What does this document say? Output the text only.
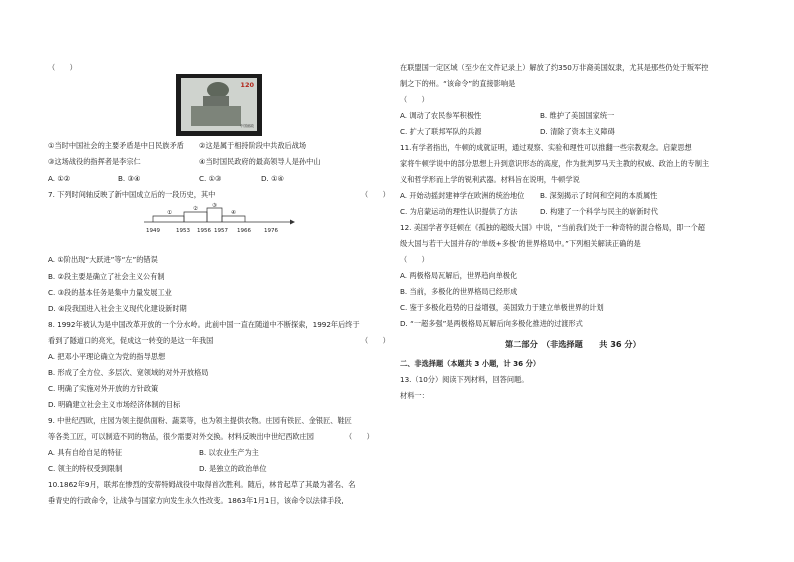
（　　）
120
中国邮政
①当时中国社会的主要矛盾是中日民族矛盾 ②这是属于相持阶段中共敌后战场
③这场战役的指挥者是李宗仁	④当时国民政府的最高领导人是孙中山
A. ①②	B. ③④	C. ①③	D. ①④
7. 下列时间轴反映了新中国成立后的一段历史，其中	（　　）
①
②	③
④
1949	1953 1956 1957 1966 1976
A. ①阶出现“大跃进”等“左”的错误
B. ②段主要是确立了社会主义公有制
C. ③段的基本任务是集中力量发展工业
D. ④段我国进入社会主义现代化建设新时期
8. 1992年被认为是中国改革开放的一个分水岭。此前中国一直在随道中不断探索，1992年后终于
看到了隧道口的亮光，促成这一转变的是这一年我国	（　　）
A. 把邓小平理论确立为党的指导思想
B. 形成了全方位、多层次、宽领域的对外开放格局
C. 明确了实施对外开放的方针政策
D. 明确建立社会主义市场经济体制的目标
9. 中世纪西欧，庄园为领主提供面粉、蔬菜等，也为领主提供衣物。庄园有铁匠、金银匠、鞋匠
等各类工匠，可以制造不同的物品，很少需要对外交换。材料反映出中世纪西欧庄园	（　　）
A. 具有自给自足的特征	B. 以农业生产为主
C. 领主的特权受到限制	D. 是独立的政治单位
10.1862年9月，联邦在惨烈的安蒂特姆战役中取得首次胜利。随后，林肯起草了其最为著名、名
垂青史的行政命令，让战争与国家方向发生永久性改变。1863年1月1日，该命令以法律手段,
在联盟国一定区域（至少在文件记录上）解放了约350万非裔美国奴隶，尤其是那些仍处于叛军控
制之下的州。“该命令”的直接影响是
（　　）
A. 调动了农民参军积极性	B. 维护了美国国家统一
C. 扩大了联邦军队的兵源	D. 清除了资本主义障碍
11.有学者指出，牛顿的成就证明，通过观察、实验和理性可以推翻一些宗教观念。启蒙思想
家将牛顿学说中的部分思想上升到意识形态的高度，作为批判罗马天主教的权威、政治上的专制主
义和哲学形而上学的锐利武器。材料旨在说明，牛顿学说
A. 开始动摇封建神学在欧洲的统治地位 B. 深刻揭示了时间和空间的本质属性
C. 为启蒙运动的理性认识提供了方法	D. 构建了一个科学与民主的崭新时代
12. 美国学者亨廷顿在《孤独的超级大国》中说，“当前我们处于一种奇特的混合格局，即一个超
级大国与若干大国并存的‘单级+多极’的世界格局中。”下列相关解读正确的是
（　　）
A. 两极格局瓦解后，世界趋向单极化
B. 当前，多极化的世界格局已经形成
C. 鉴于多极化趋势的日益增强，美国致力于建立单极世界的计划
D. “一超多强”是两极格局瓦解后向多极化推进的过渡形式
第二部分　（非选择题　　共 36 分）
二、非选择题（本题共 3 小题，计 36 分）
13.（10分）阅读下列材料，回答问题。
材料一：
